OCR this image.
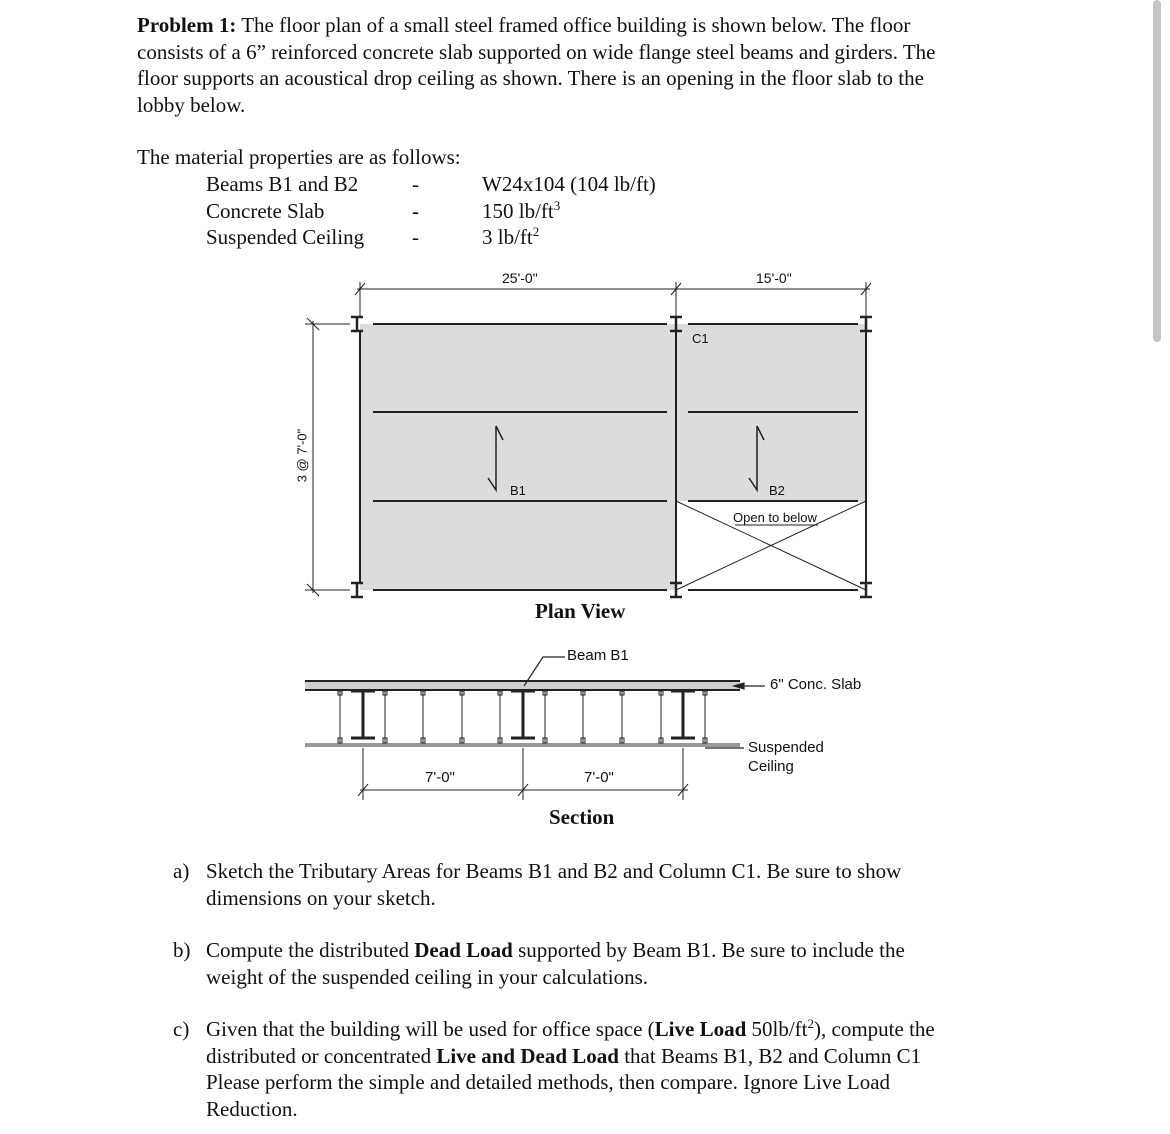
Problem 1: The floor plan of a small steel framed office building is shown below. The floor
consists of a 6” reinforced concrete slab supported on wide flange steel beams and girders. The
floor supports an acoustical drop ceiling as shown. There is an opening in the floor slab to the
lobby below.
The material properties are as follows:
Beams B1 and B2	-	W24x104 (104 lb/ft)
Concrete Slab	-	150 $lb/ft^3$
Suspended Ceiling -	3 $lb/ft^2$
25'-0"	15'-0"
3 @ 7'-0"
C1
B1	B2
Open to below
Plan View
Beam B1
6" Conc. Slab
Suspended
Ceiling
7'-0"	7'-0"
Section
a) Sketch the Tributary Areas for Beams B1 and B2 and Column C1. Be sure to show
dimensions on your sketch.
b) Compute the distributed Dead Load supported by Beam B1. Be sure to include the
weight of the suspended ceiling in your calculations.
c) Given that the building will be used for office space (Live Load $50lb/ft^2$), compute the
distributed or concentrated Live and Dead Load that Beams B1, B2 and Column C1
Please perform the simple and detailed methods, then compare. Ignore Live Load
Reduction.
